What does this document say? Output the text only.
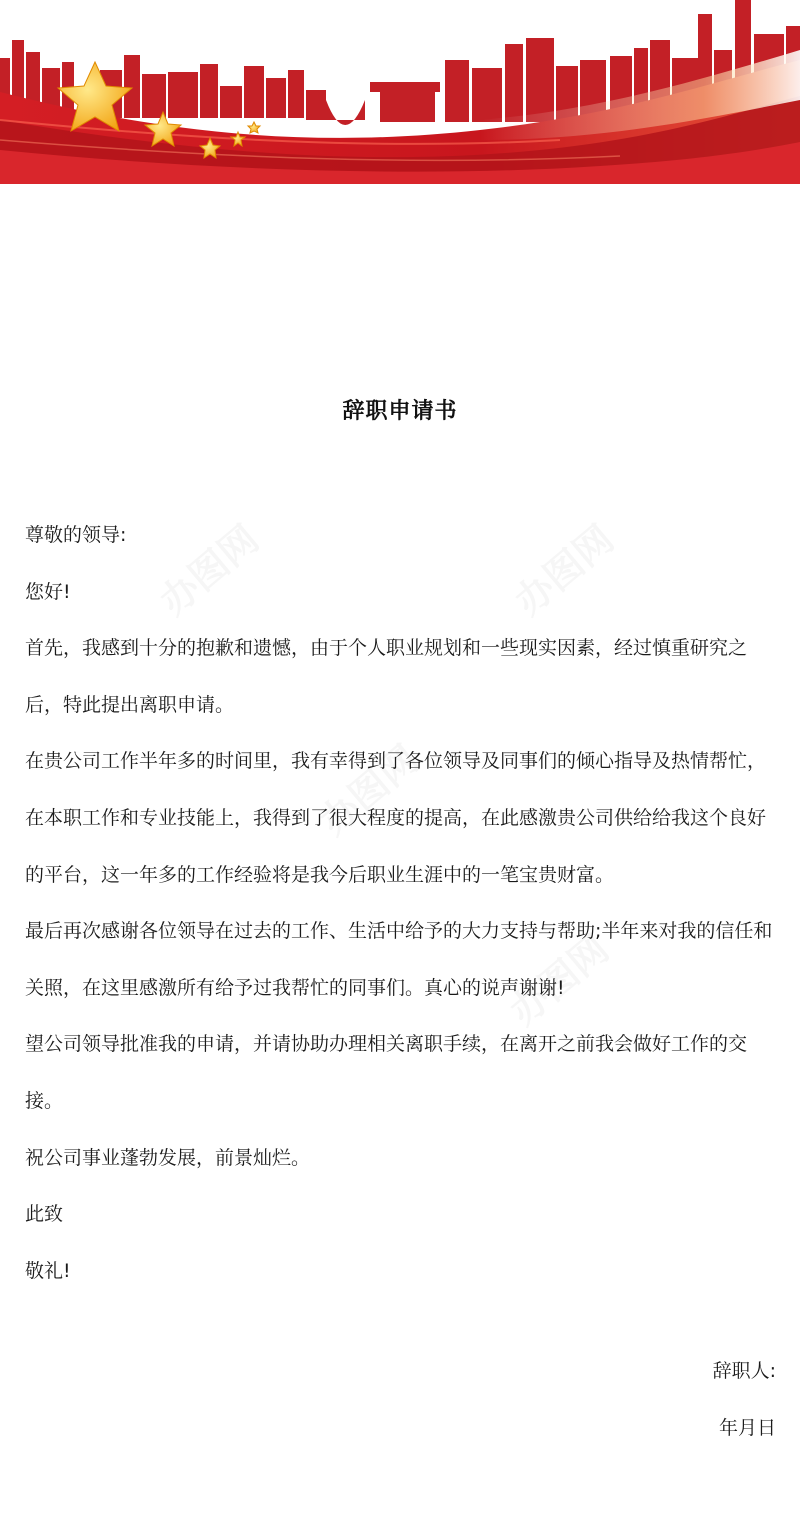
办图网	办图网
办图网
办图网
辞职申请书

尊敬的领导:

您好!

首先，我感到十分的抱歉和遗憾，由于个人职业规划和一些现实因素，经过慎重研究之后，特此提出离职申请。

在贵公司工作半年多的时间里，我有幸得到了各位领导及同事们的倾心指导及热情帮忙，在本职工作和专业技能上，我得到了很大程度的提高，在此感激贵公司供给给我这个良好的平台，这一年多的工作经验将是我今后职业生涯中的一笔宝贵财富。

最后再次感谢各位领导在过去的工作、生活中给予的大力支持与帮助;半年来对我的信任和关照，在这里感激所有给予过我帮忙的同事们。真心的说声谢谢!

望公司领导批准我的申请，并请协助办理相关离职手续，在离开之前我会做好工作的交接。

祝公司事业蓬勃发展，前景灿烂。

此致

敬礼!

辞职人:
年月日
